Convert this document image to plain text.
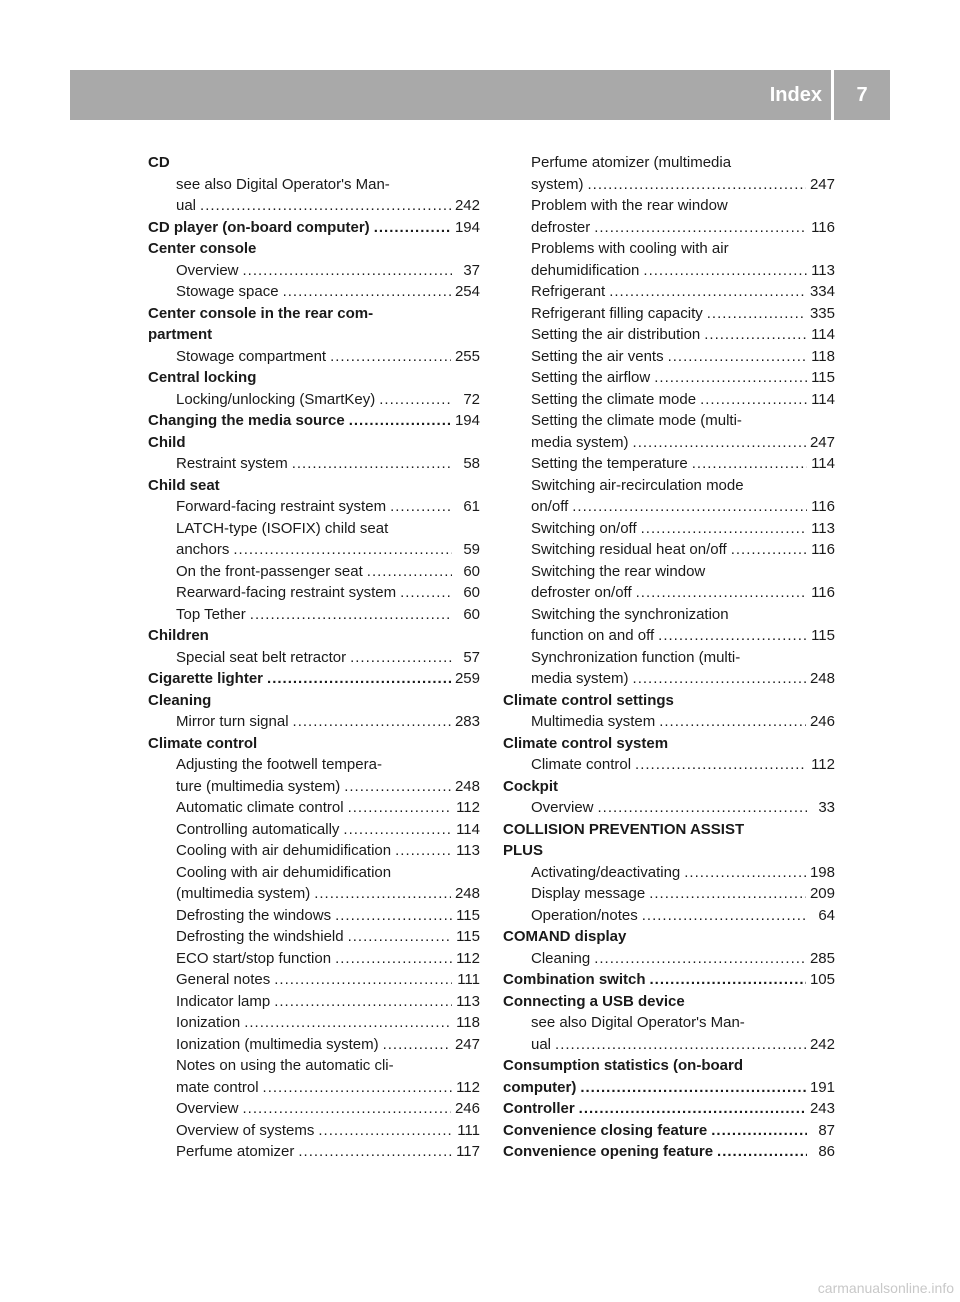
Index	7
CD
see also Digital Operator's Man-
ual .....	242
CD player (on-board computer) .....	194
Center console
Overview .....	37
Stowage space .....	254
Center console in the rear com-
partment
Stowage compartment .....	255
Central locking
Locking/unlocking (SmartKey) .....	72
Changing the media source .....	194
Child
Restraint system .....	58
Child seat
Forward-facing restraint system .....	61
LATCH-type (ISOFIX) child seat
anchors .....	59
On the front-passenger seat .....	60
Rearward-facing restraint system .....	60
Top Tether .....	60
Children
Special seat belt retractor .....	57
Cigarette lighter .....	259
Cleaning
Mirror turn signal .....	283
Climate control
Adjusting the footwell tempera-
ture (multimedia system) .....	248
Automatic climate control .....	112
Controlling automatically .....	114
Cooling with air dehumidification .....	113
Cooling with air dehumidification
(multimedia system) .....	248
Defrosting the windows .....	115
Defrosting the windshield .....	115
ECO start/stop function .....	112
General notes .....	111
Indicator lamp .....	113
Ionization .....	118
Ionization (multimedia system) .....	247
Notes on using the automatic cli-
mate control .....	112
Overview .....	246
Overview of systems .....	111
Perfume atomizer .....	117
Perfume atomizer (multimedia
system) .....	247
Problem with the rear window
defroster .....	116
Problems with cooling with air
dehumidification .....	113
Refrigerant .....	334
Refrigerant filling capacity .....	335
Setting the air distribution .....	114
Setting the air vents .....	118
Setting the airflow .....	115
Setting the climate mode .....	114
Setting the climate mode (multi-
media system) .....	247
Setting the temperature .....	114
Switching air-recirculation mode
on/off .....	116
Switching on/off .....	113
Switching residual heat on/off .....	116
Switching the rear window
defroster on/off .....	116
Switching the synchronization
function on and off .....	115
Synchronization function (multi-
media system) .....	248
Climate control settings
Multimedia system .....	246
Climate control system
Climate control .....	112
Cockpit
Overview .....	33
COLLISION PREVENTION ASSIST
PLUS
Activating/deactivating .....	198
Display message .....	209
Operation/notes .....	64
COMAND display
Cleaning .....	285
Combination switch .....	105
Connecting a USB device
see also Digital Operator's Man-
ual .....	242
Consumption statistics (on-board
computer) .....	191
Controller .....	243
Convenience closing feature .....	87
Convenience opening feature .....	86
carmanualsonline.info
